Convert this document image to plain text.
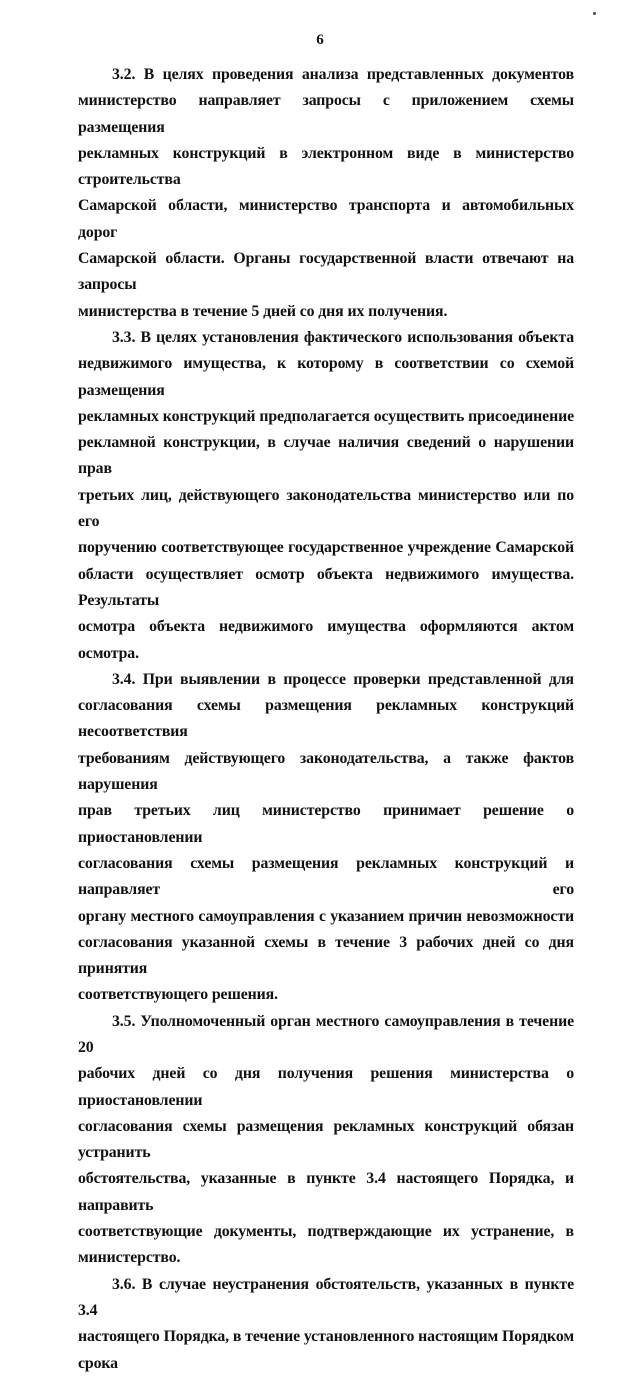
6

3.2. В целях проведения анализа представленных документов
министерство направляет запросы с приложением схемы размещения
рекламных конструкций в электронном виде в министерство строительства
Самарской области, министерство транспорта и автомобильных дорог
Самарской области. Органы государственной власти отвечают на запросы
министерства в течение 5 дней со дня их получения.

3.3. В целях установления фактического использования объекта
недвижимого имущества, к которому в соответствии со схемой размещения
рекламных конструкций предполагается осуществить присоединение
рекламной конструкции, в случае наличия сведений о нарушении прав
третьих лиц, действующего законодательства министерство или по его
поручению соответствующее государственное учреждение Самарской
области осуществляет осмотр объекта недвижимого имущества. Результаты
осмотра объекта недвижимого имущества оформляются актом осмотра.

3.4. При выявлении в процессе проверки представленной для
согласования схемы размещения рекламных конструкций несоответствия
требованиям действующего законодательства, а также фактов нарушения
прав третьих лиц министерство принимает решение о приостановлении
согласования схемы размещения рекламных конструкций и направляет его
органу местного самоуправления с указанием причин невозможности
согласования указанной схемы в течение 3 рабочих дней со дня принятия
соответствующего решения.

3.5. Уполномоченный орган местного самоуправления в течение 20
рабочих дней со дня получения решения министерства о приостановлении
согласования схемы размещения рекламных конструкций обязан устранить
обстоятельства, указанные в пункте 3.4 настоящего Порядка, и направить
соответствующие документы, подтверждающие их устранение, в
министерство.

3.6. В случае неустранения обстоятельств, указанных в пункте 3.4
настоящего Порядка, в течение установленного настоящим Порядком срока
